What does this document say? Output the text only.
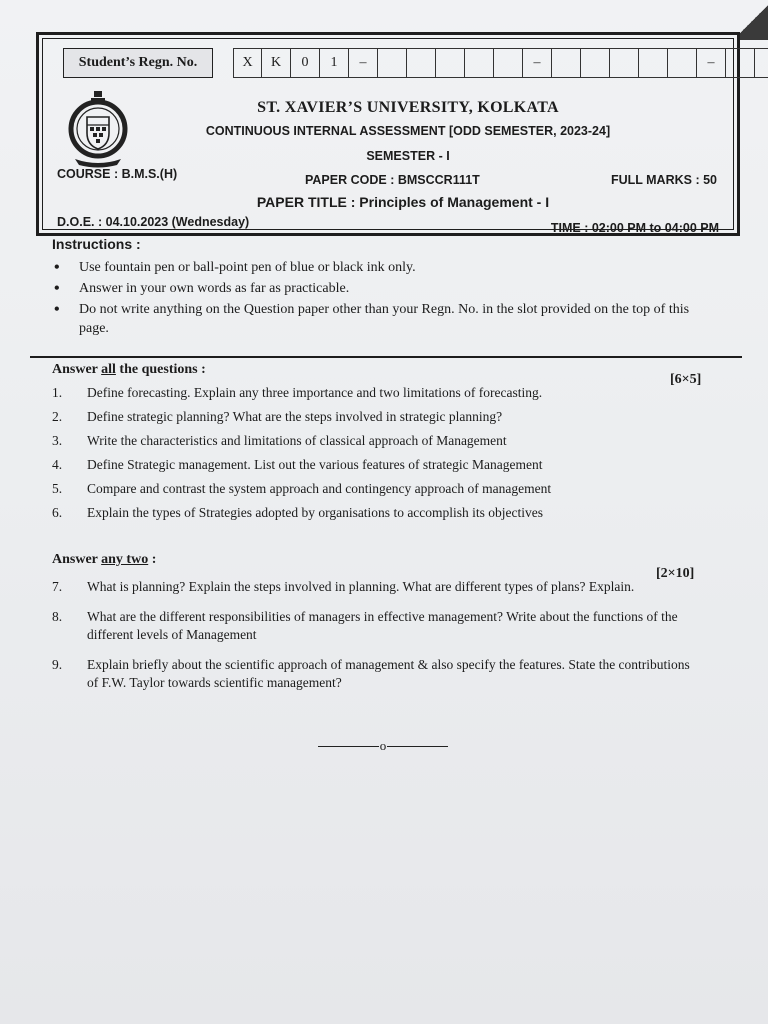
Student’s Regn. No.	X	K	0	1	–	–	–
ST. XAVIER’S UNIVERSITY, KOLKATA
CONTINUOUS INTERNAL ASSESSMENT [ODD SEMESTER, 2023-24]
SEMESTER - I
COURSE : B.M.S.(H)	PAPER CODE : BMSCCR111T	FULL MARKS : 50
PAPER TITLE : Principles of Management - I
D.O.E. : 04.10.2023 (Wednesday)	TIME : 02:00 PM to 04:00 PM
Instructions :
• Use fountain pen or ball-point pen of blue or black ink only.
• Answer in your own words as far as practicable.
• Do not write anything on the Question paper other than your Regn. No. in the slot provided on the top of this page.
Answer all the questions :
[6×5]
1.	Define forecasting. Explain any three importance and two limitations of forecasting.
2.	Define strategic planning? What are the steps involved in strategic planning?
3.	Write the characteristics and limitations of classical approach of Management
4.	Define Strategic management. List out the various features of strategic Management
5.	Compare and contrast the system approach and contingency approach of management
6.	Explain the types of Strategies adopted by organisations to accomplish its objectives
Answer any two :
[2×10]
7.	What is planning? Explain the steps involved in planning. What are different types of plans? Explain.
8.	What are the different responsibilities of managers in effective management? Write about the functions of the different levels of Management
9.	Explain briefly about the scientific approach of management & also specify the features. State the contributions of F.W. Taylor towards scientific management?
o
